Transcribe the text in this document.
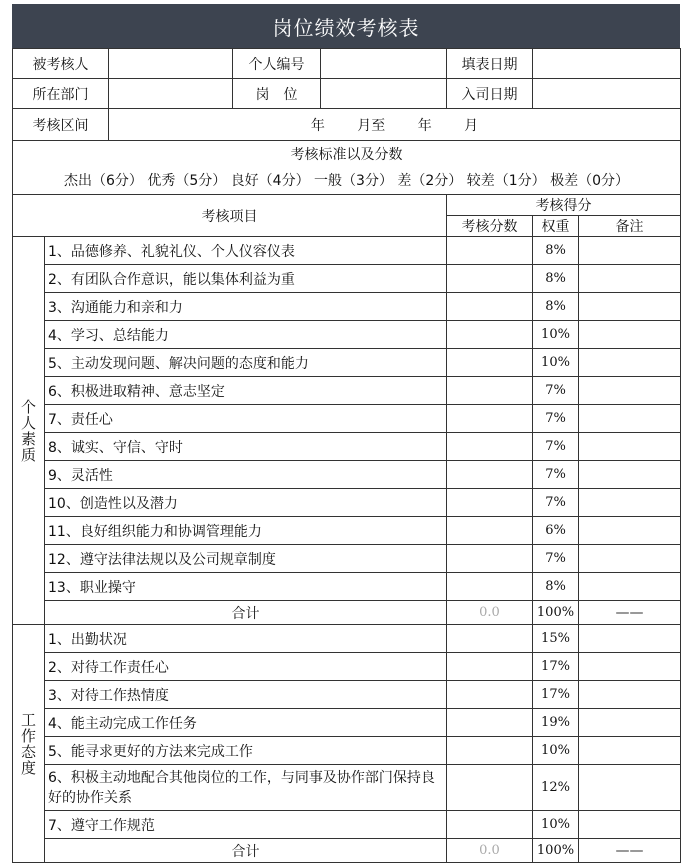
岗位绩效考核表
被考核人			个人编号		填表日期		
所在部门			岗　位		入司日期		
考核区间		年　　 月至　　 年　　 月					

考核标准以及分数
杰出（6分） 优秀（5分） 良好（4分） 一般（3分） 差（2分） 较差（1分） 极差（0分）							

考核项目					考核得分		
					考核分数	权重	备注

个
人
素
质	1、品德修养、礼貌礼仪、个人仪容仪表					8%	
	2、有团队合作意识，能以集体利益为重					8%	
	3、沟通能力和亲和力					8%	
	4、学习、总结能力					10%	
	5、主动发现问题、解决问题的态度和能力					10%	
	6、积极进取精神、意志坚定					7%	
	7、责任心					7%	
	8、诚实、守信、守时					7%	
	9、灵活性					7%	
	10、创造性以及潜力					7%	
	11、良好组织能力和协调管理能力					6%	
	12、遵守法律法规以及公司规章制度					7%	
	13、职业操守					8%	
	合计				0.0	100%	——

工
作
态
度	1、出勤状况					15%	
	2、对待工作责任心					17%	
	3、对待工作热情度					17%	
	4、能主动完成工作任务					19%	
	5、能寻求更好的方法来完成工作					10%	
	6、积极主动地配合其他岗位的工作，与同事及协作部门保持良好的协作关系					12%	
	7、遵守工作规范					10%	
	合计				0.0	100%	——
